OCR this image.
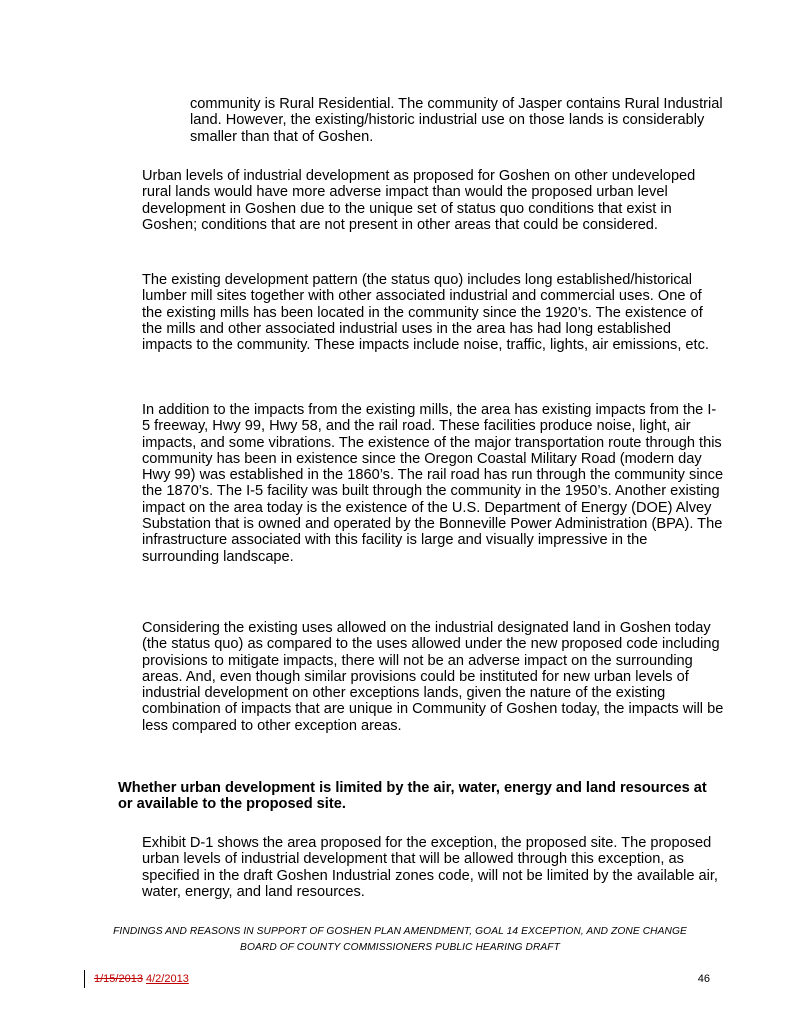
community is Rural Residential. The community of Jasper contains Rural Industrial land. However, the existing/historic industrial use on those lands is considerably smaller than that of Goshen.

Urban levels of industrial development as proposed for Goshen on other undeveloped rural lands would have more adverse impact than would the proposed urban level development in Goshen due to the unique set of status quo conditions that exist in Goshen; conditions that are not present in other areas that could be considered.

The existing development pattern (the status quo) includes long established/historical lumber mill sites together with other associated industrial and commercial uses. One of the existing mills has been located in the community since the 1920’s. The existence of the mills and other associated industrial uses in the area has had long established impacts to the community. These impacts include noise, traffic, lights, air emissions, etc.

In addition to the impacts from the existing mills, the area has existing impacts from the I-5 freeway, Hwy 99, Hwy 58, and the rail road. These facilities produce noise, light, air impacts, and some vibrations. The existence of the major transportation route through this community has been in existence since the Oregon Coastal Military Road (modern day Hwy 99) was established in the 1860’s. The rail road has run through the community since the 1870’s. The I-5 facility was built through the community in the 1950’s. Another existing impact on the area today is the existence of the U.S. Department of Energy (DOE) Alvey Substation that is owned and operated by the Bonneville Power Administration (BPA). The infrastructure associated with this facility is large and visually impressive in the surrounding landscape.

Considering the existing uses allowed on the industrial designated land in Goshen today (the status quo) as compared to the uses allowed under the new proposed code including provisions to mitigate impacts, there will not be an adverse impact on the surrounding areas. And, even though similar provisions could be instituted for new urban levels of industrial development on other exceptions lands, given the nature of the existing combination of impacts that are unique in Community of Goshen today, the impacts will be less compared to other exception areas.

Whether urban development is limited by the air, water, energy and land resources at or available to the proposed site.

Exhibit D-1 shows the area proposed for the exception, the proposed site. The proposed urban levels of industrial development that will be allowed through this exception, as specified in the draft Goshen Industrial zones code, will not be limited by the available air, water, energy, and land resources.

FINDINGS AND REASONS IN SUPPORT OF GOSHEN PLAN AMENDMENT, GOAL 14 EXCEPTION, AND ZONE CHANGE
BOARD OF COUNTY COMMISSIONERS PUBLIC HEARING DRAFT
1/15/2013 4/2/2013	46
